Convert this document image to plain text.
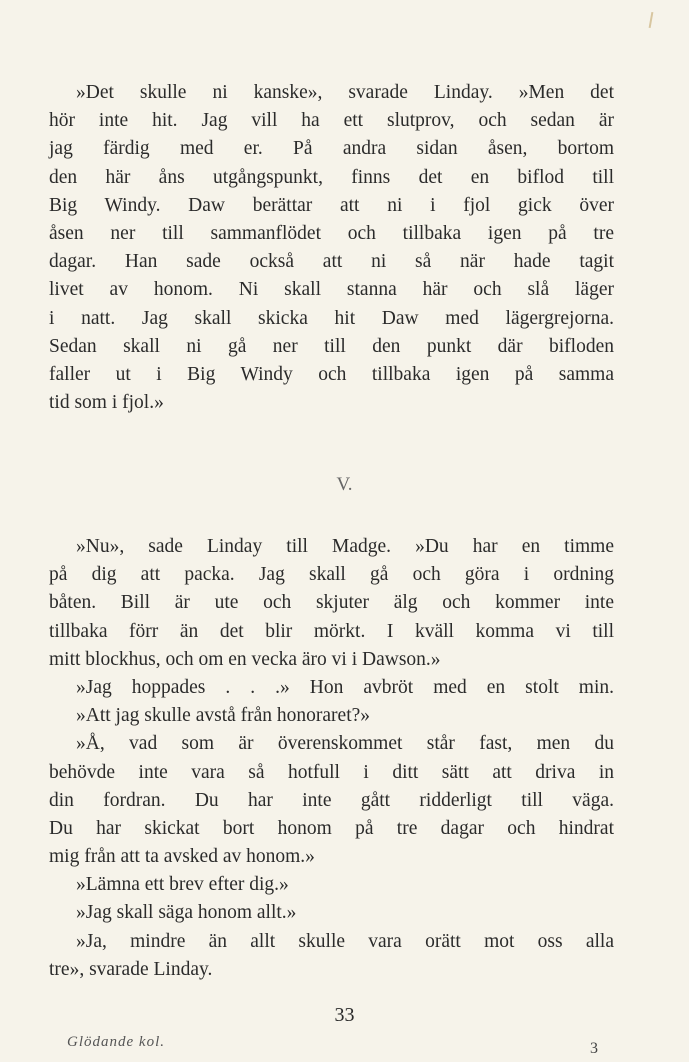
»Det skulle ni kanske», svarade Linday. »Men det
hör inte hit. Jag vill ha ett slutprov, och sedan är
jag färdig med er. På andra sidan åsen, bortom
den här åns utgångspunkt, finns det en biflod till
Big Windy. Daw berättar att ni i fjol gick över
åsen ner till sammanflödet och tillbaka igen på tre
dagar. Han sade också att ni så när hade tagit
livet av honom. Ni skall stanna här och slå läger
i natt. Jag skall skicka hit Daw med lägergrejorna.
Sedan skall ni gå ner till den punkt där bifloden
faller ut i Big Windy och tillbaka igen på samma
tid som i fjol.»
V.
»Nu», sade Linday till Madge. »Du har en timme
på dig att packa. Jag skall gå och göra i ordning
båten. Bill är ute och skjuter älg och kommer inte
tillbaka förr än det blir mörkt. I kväll komma vi till
mitt blockhus, och om en vecka äro vi i Dawson.»
»Jag hoppades . . .» Hon avbröt med en stolt min.
»Att jag skulle avstå från honoraret?»
»Å, vad som är överenskommet står fast, men du
behövde inte vara så hotfull i ditt sätt att driva in
din fordran. Du har inte gått ridderligt till väga.
Du har skickat bort honom på tre dagar och hindrat
mig från att ta avsked av honom.»
»Lämna ett brev efter dig.»
»Jag skall säga honom allt.»
»Ja, mindre än allt skulle vara orätt mot oss alla
tre», svarade Linday.
33
Glödande kol.	3
